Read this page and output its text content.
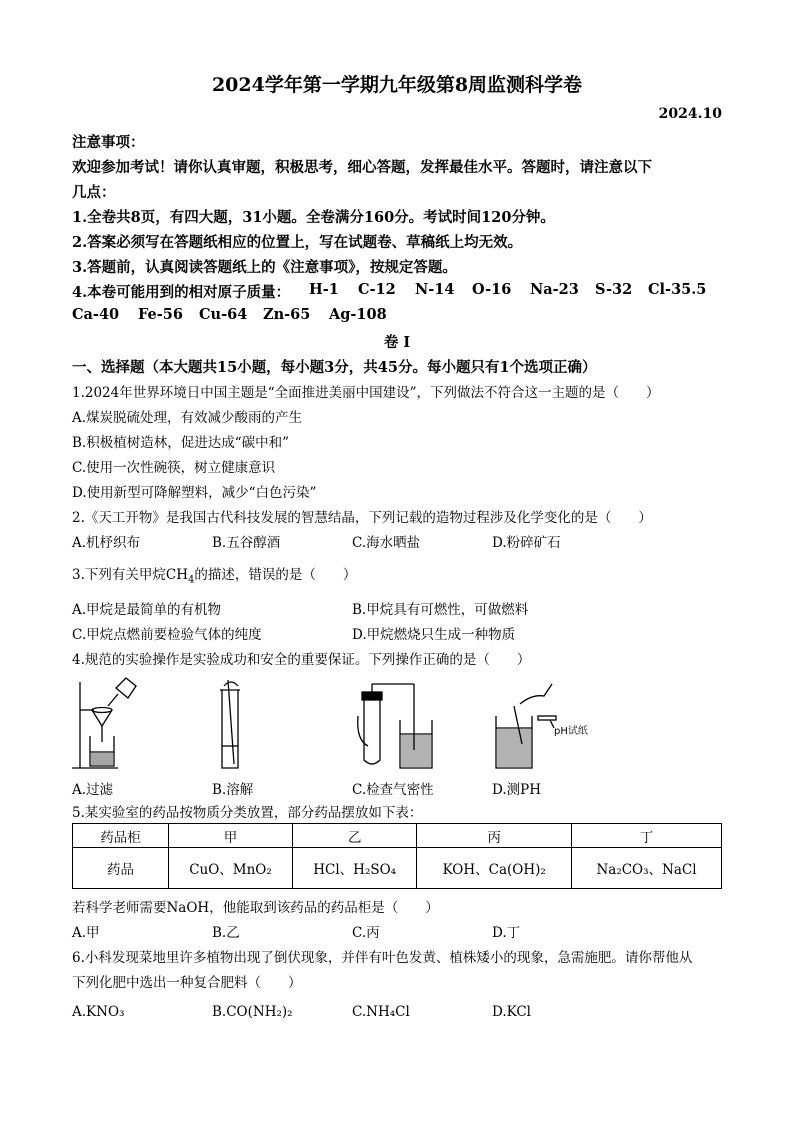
2024学年第一学期九年级第8周监测科学卷
2024.10
注意事项：
欢迎参加考试！请你认真审题，积极思考，细心答题，发挥最佳水平。答题时，请注意以下
几点：
1.全卷共8页，有四大题，31小题。全卷满分160分。考试时间120分钟。
2.答案必须写在答题纸相应的位置上，写在试题卷、草稿纸上均无效。
3.答题前，认真阅读答题纸上的《注意事项》，按规定答题。
4.本卷可能用到的相对原子质量： H-1 C-12 N-14 O-16 Na-23 S-32 Cl-35.5
Ca-40 Fe-56 Cu-64 Zn-65 Ag-108
卷 I
一、选择题（本大题共15小题，每小题3分，共45分。每小题只有1个选项正确）
1.2024年世界环境日中国主题是“全面推进美丽中国建设”，下列做法不符合这一主题的是（　　）
A.煤炭脱硫处理，有效减少酸雨的产生
B.积极植树造林，促进达成“碳中和”
C.使用一次性碗筷，树立健康意识
D.使用新型可降解塑料，减少“白色污染”
2.《天工开物》是我国古代科技发展的智慧结晶，下列记载的造物过程涉及化学变化的是（　　）
A.机杼织布	B.五谷醇酒	C.海水晒盐	D.粉碎矿石
3.下列有关甲烷$CH_4$的描述，错误的是（　　）
A.甲烷是最简单的有机物	B.甲烷具有可燃性，可做燃料
C.甲烷点燃前要检验气体的纯度	D.甲烷燃烧只生成一种物质
4.规范的实验操作是实验成功和安全的重要保证。下列操作正确的是（　　）
pH试纸
A.过滤	B.溶解	C.检查气密性	D.测PH
5.某实验室的药品按物质分类放置，部分药品摆放如下表：
药品柜	甲	乙	丙	丁
药品	CuO、MnO₂	HCl、H₂SO₄	KOH、Ca(OH)₂	Na₂CO₃、NaCl
若科学老师需要NaOH，他能取到该药品的药品柜是（　　）
A.甲	B.乙	C.丙	D.丁
6.小科发现菜地里许多植物出现了倒伏现象，并伴有叶色发黄、植株矮小的现象，急需施肥。请你帮他从
下列化肥中选出一种复合肥料（　　）
A.KNO₃	B.CO(NH₂)₂	C.NH₄Cl	D.KCl
